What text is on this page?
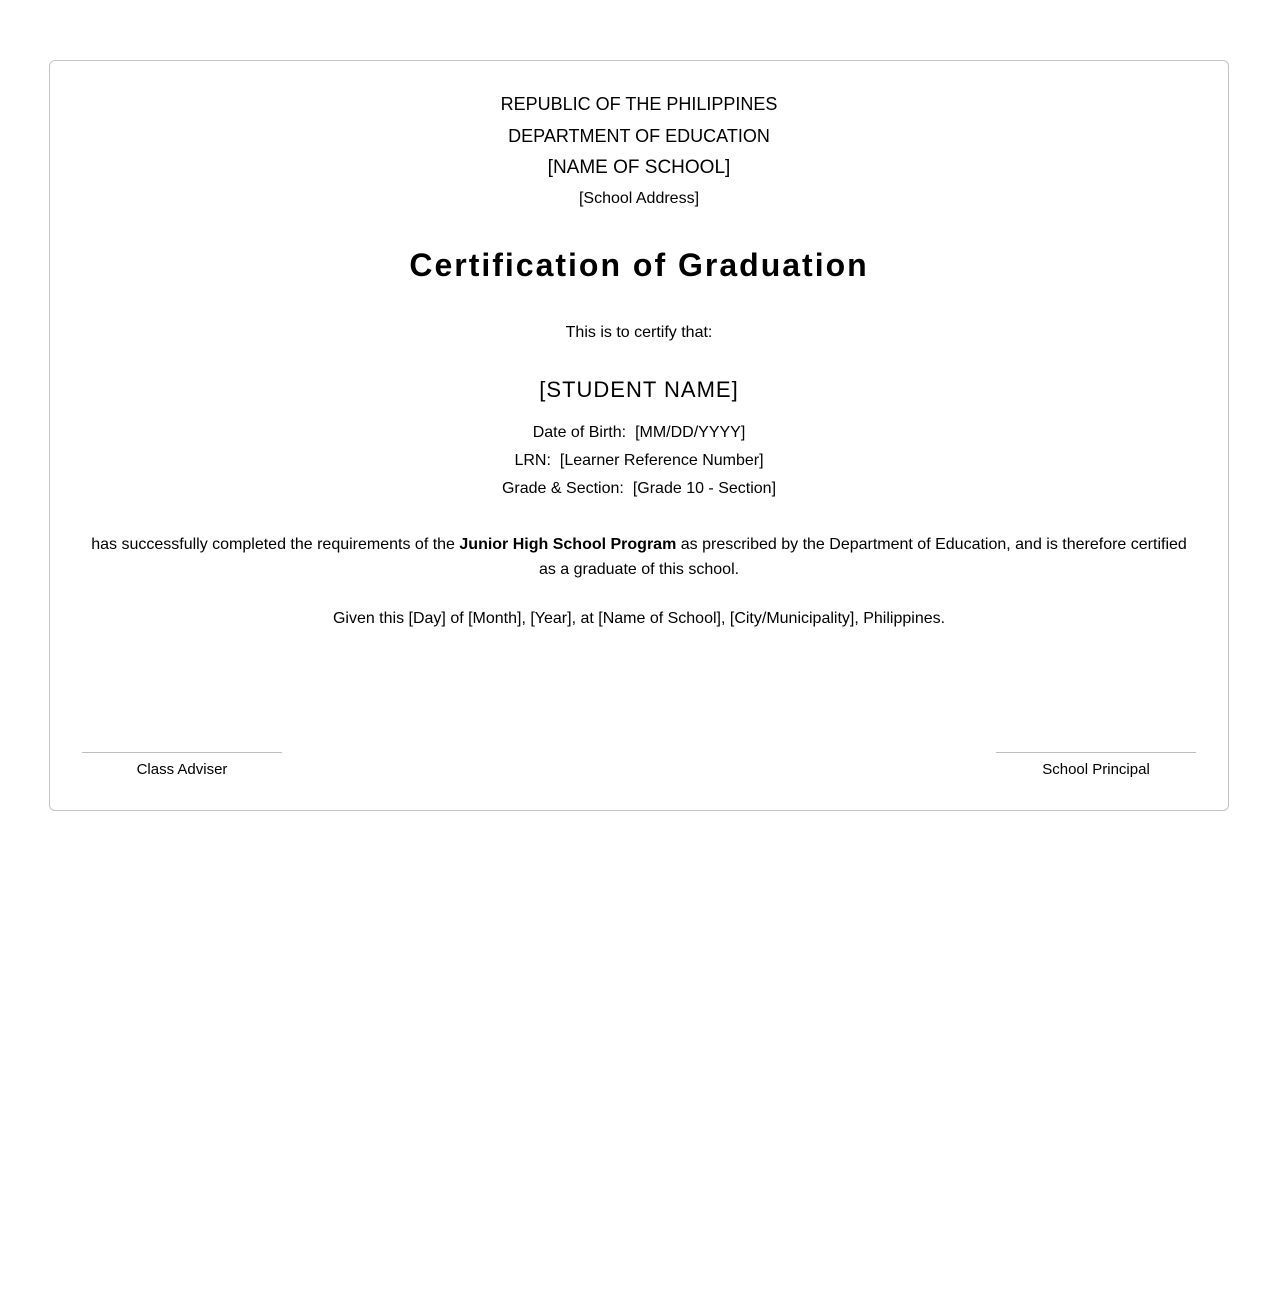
REPUBLIC OF THE PHILIPPINES
DEPARTMENT OF EDUCATION
[NAME OF SCHOOL]
[School Address]
Certification of Graduation
This is to certify that:
[STUDENT NAME]
Date of Birth: [MM/DD/YYYY]
LRN: [Learner Reference Number]
Grade & Section: [Grade 10 - Section]
has successfully completed the requirements of the Junior High School Program as prescribed by the Department of Education, and is therefore certified as a graduate of this school.
Given this [Day] of [Month], [Year], at [Name of School], [City/Municipality], Philippines.
Class Adviser	School Principal
